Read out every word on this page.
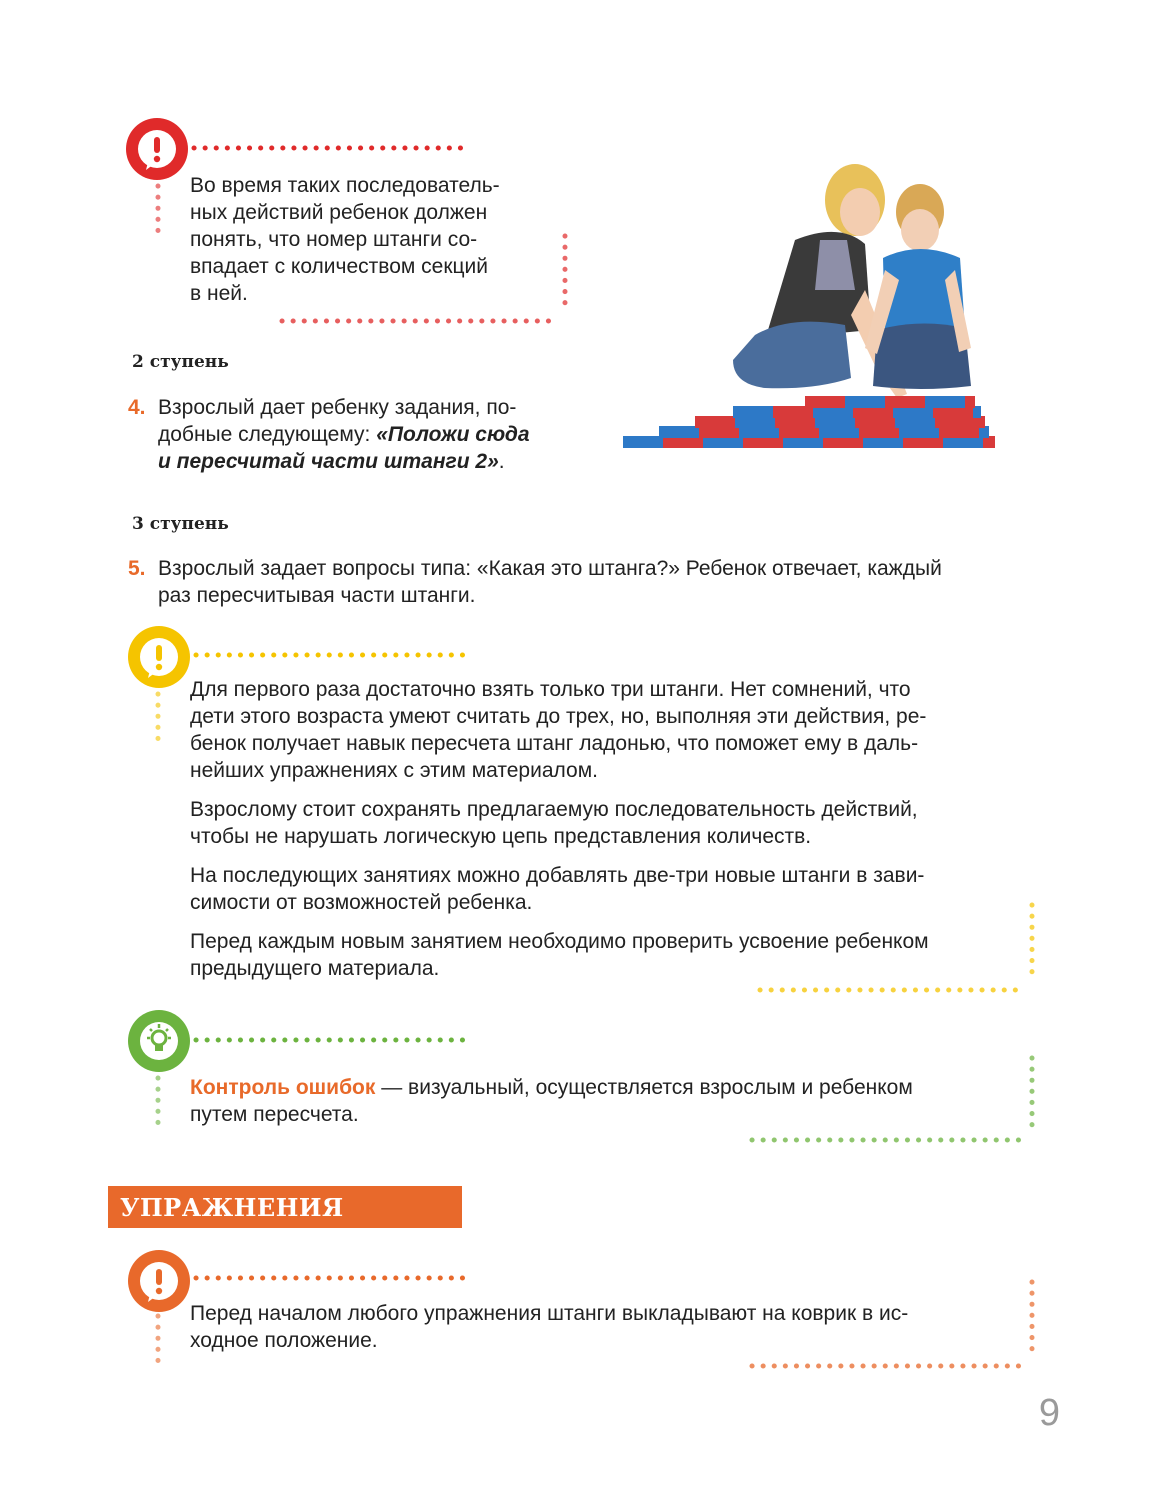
Во время таких последователь-
ных действий ребенок должен
понять, что номер штанги со-
впадает с количеством секций
в ней.
2 ступень
4. Взрослый дает ребенку задания, по-
добные следующему: «Положи сюда
и пересчитай части штанги 2».
3 ступень
5. Взрослый задает вопросы типа: «Какая это штанга?» Ребенок отвечает, каждый
раз пересчитывая части штанги.

Для первого раза достаточно взять только три штанги. Нет сомнений, что
дети этого возраста умеют считать до трех, но, выполняя эти действия, ре-
бенок получает навык пересчета штанг ладонью, что поможет ему в даль-
нейших упражнениях с этим материалом.

Взрослому стоит сохранять предлагаемую последовательность действий,
чтобы не нарушать логическую цепь представления количеств.

На последующих занятиях можно добавлять две-три новые штанги в зави-
симости от возможностей ребенка.

Перед каждым новым занятием необходимо проверить усвоение ребенком
предыдущего материала.

Контроль ошибок — визуальный, осуществляется взрослым и ребенком
путем пересчета.
УПРАЖНЕНИЯ
Перед началом любого упражнения штанги выкладывают на коврик в ис-
ходное положение.
9
